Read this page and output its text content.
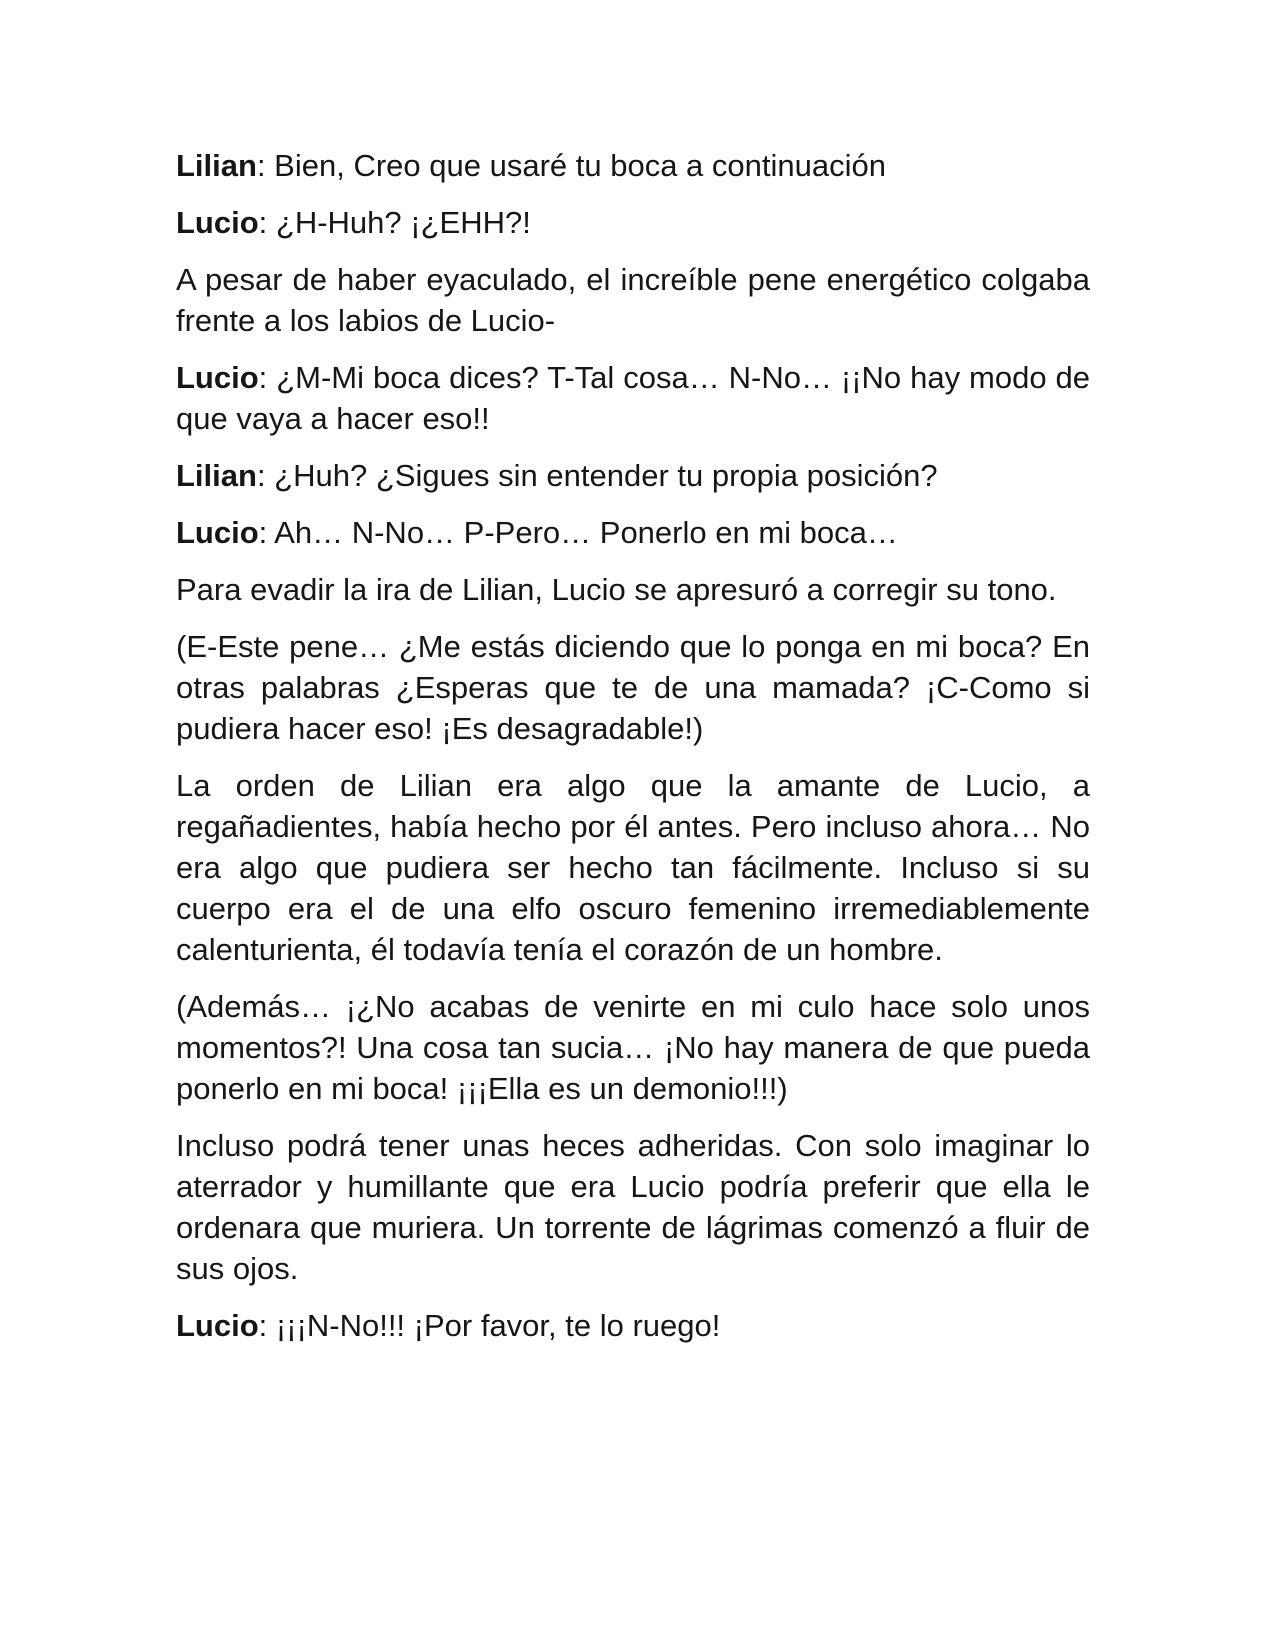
Lilian: Bien, Creo que usaré tu boca a continuación

Lucio: ¿H-Huh? ¡¿EHH?!

A pesar de haber eyaculado, el increíble pene energético colgaba frente a los labios de Lucio-

Lucio: ¿M-Mi boca dices? T-Tal cosa… N-No… ¡¡No hay modo de que vaya a hacer eso!!

Lilian: ¿Huh? ¿Sigues sin entender tu propia posición?

Lucio: Ah… N-No… P-Pero… Ponerlo en mi boca…

Para evadir la ira de Lilian, Lucio se apresuró a corregir su tono.

(E-Este pene… ¿Me estás diciendo que lo ponga en mi boca? En otras palabras ¿Esperas que te de una mamada? ¡C-Como si pudiera hacer eso! ¡Es desagradable!)

La orden de Lilian era algo que la amante de Lucio, a regañadientes, había hecho por él antes. Pero incluso ahora… No era algo que pudiera ser hecho tan fácilmente. Incluso si su cuerpo era el de una elfo oscuro femenino irremediablemente calenturienta, él todavía tenía el corazón de un hombre.

(Además… ¡¿No acabas de venirte en mi culo hace solo unos momentos?! Una cosa tan sucia… ¡No hay manera de que pueda ponerlo en mi boca! ¡¡¡Ella es un demonio!!!)

Incluso podrá tener unas heces adheridas. Con solo imaginar lo aterrador y humillante que era Lucio podría preferir que ella le ordenara que muriera. Un torrente de lágrimas comenzó a fluir de sus ojos.

Lucio: ¡¡¡N-No!!! ¡Por favor, te lo ruego!
